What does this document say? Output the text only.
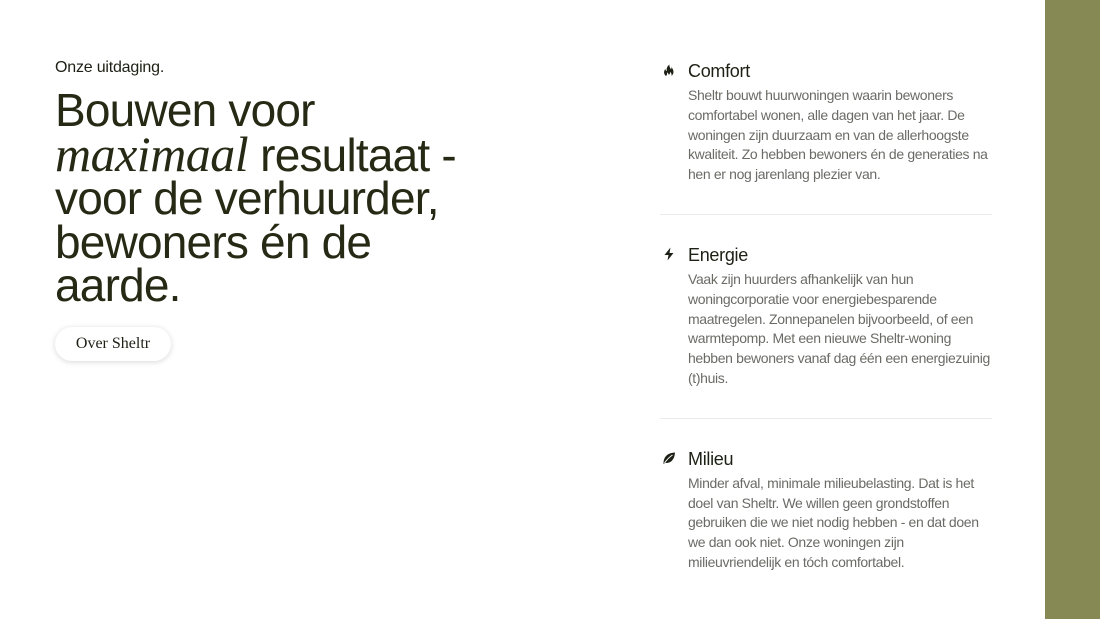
Onze uitdaging.
Bouwen voor
maximaal resultaat -
voor de verhuurder,
bewoners én de
aarde.
Over Sheltr
Comfort
Sheltr bouwt huurwoningen waarin bewoners comfortabel wonen, alle dagen van het jaar. De woningen zijn duurzaam en van de allerhoogste kwaliteit. Zo hebben bewoners én de generaties na hen er nog jarenlang plezier van.
Energie
Vaak zijn huurders afhankelijk van hun woningcorporatie voor energiebesparende maatregelen. Zonnepanelen bijvoorbeeld, of een warmtepomp. Met een nieuwe Sheltr-woning hebben bewoners vanaf dag één een energiezuinig (t)huis.
Milieu
Minder afval, minimale milieubelasting. Dat is het doel van Sheltr. We willen geen grondstoffen gebruiken die we niet nodig hebben - en dat doen we dan ook niet. Onze woningen zijn milieuvriendelijk en tóch comfortabel.
